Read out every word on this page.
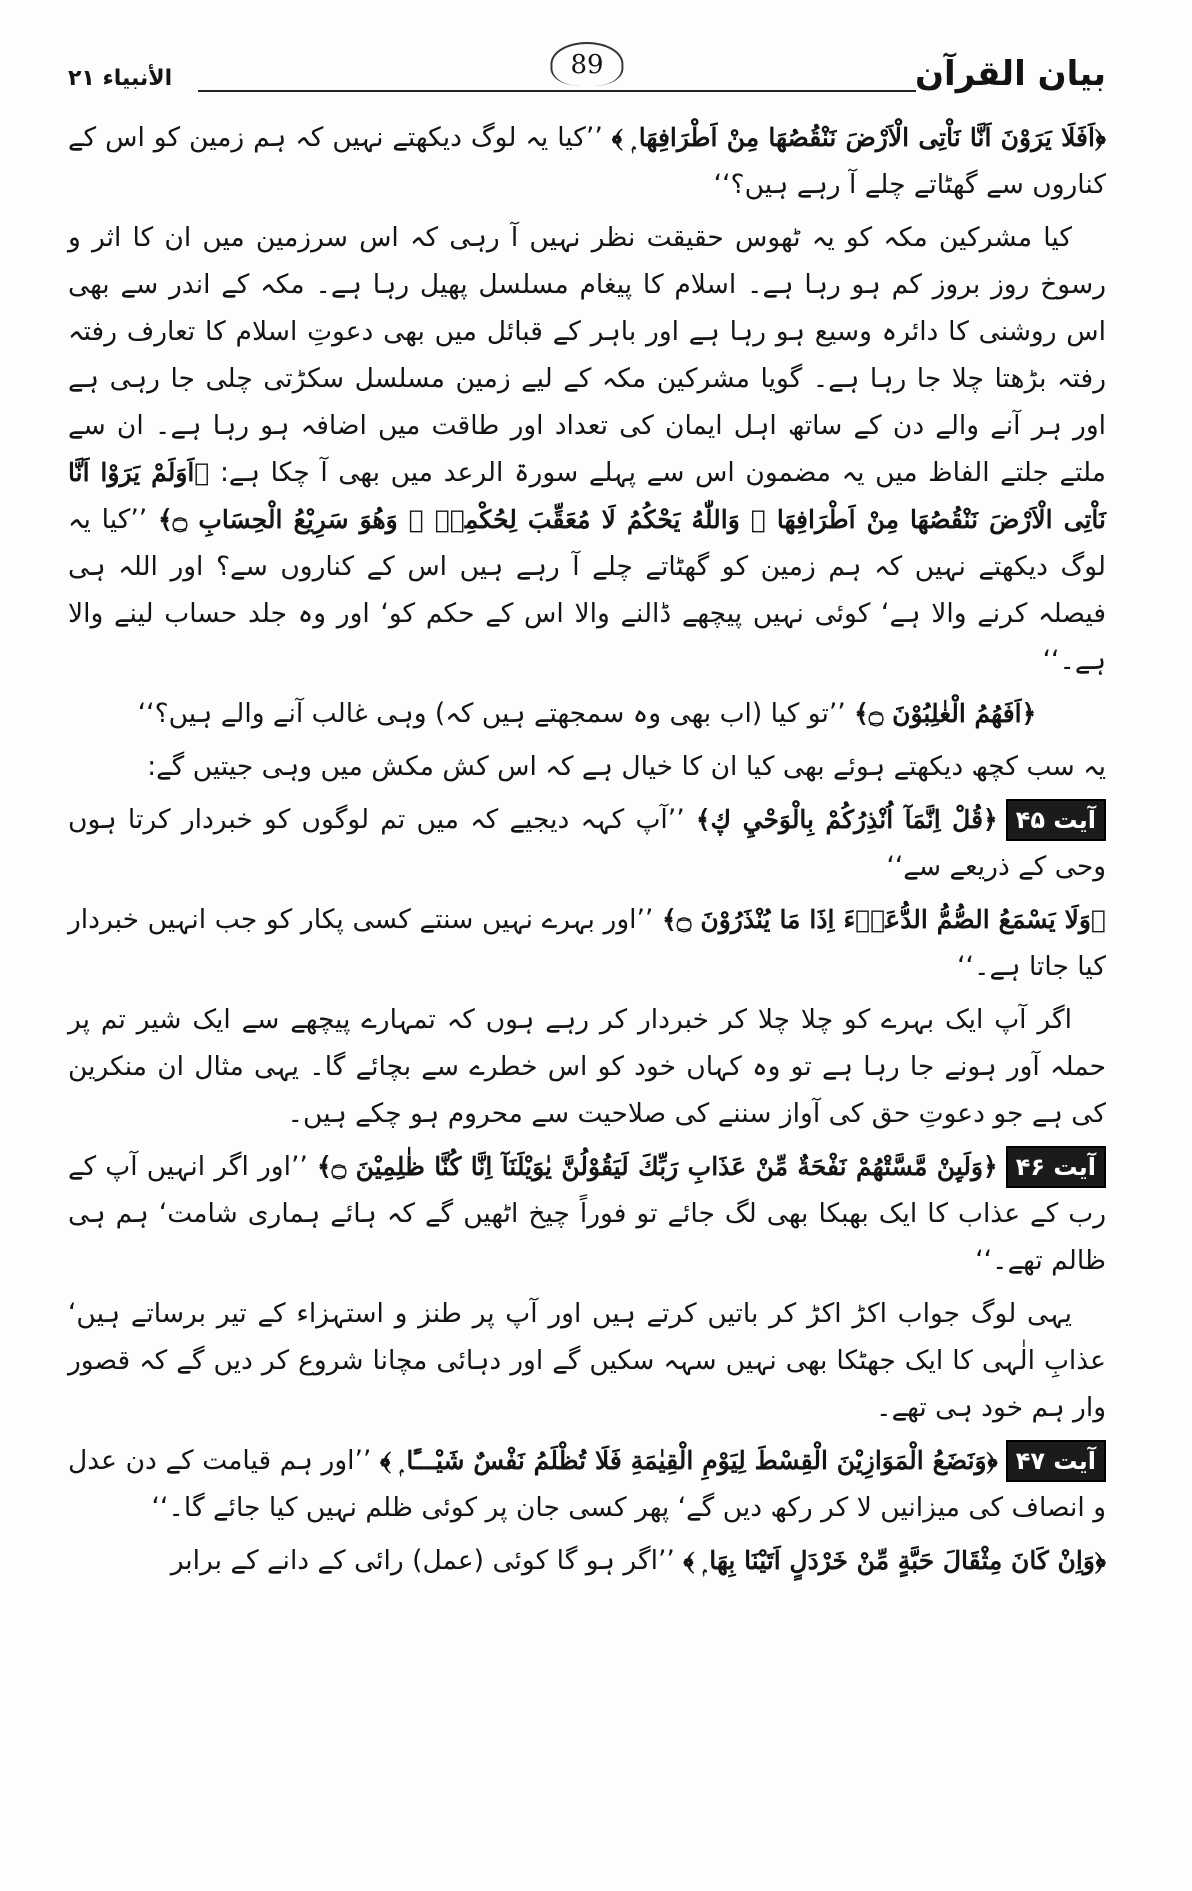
بیان القرآن
89
الأنبياء ٢١

﴿اَفَلَا يَرَوْنَ اَنَّا نَاْتِى الْاَرْضَ نَنْقُصُهَا مِنْ اَطْرَافِهَا ۭ ﴾ ’’کیا یہ لوگ دیکھتے نہیں کہ ہم زمین کو اس کے کناروں سے گھٹاتے چلے آ رہے ہیں؟‘‘

کیا مشرکین مکہ کو یہ ٹھوس حقیقت نظر نہیں آ رہی کہ اس سرزمین میں ان کا اثر و رسوخ روز بروز کم ہو رہا ہے۔ اسلام کا پیغام مسلسل پھیل رہا ہے۔ مکہ کے اندر سے بھی اس روشنی کا دائرہ وسیع ہو رہا ہے اور باہر کے قبائل میں بھی دعوتِ اسلام کا تعارف رفتہ رفتہ بڑھتا چلا جا رہا ہے۔ گویا مشرکین مکہ کے لیے زمین مسلسل سکڑتی چلی جا رہی ہے اور ہر آنے والے دن کے ساتھ اہل ایمان کی تعداد اور طاقت میں اضافہ ہو رہا ہے۔ ان سے ملتے جلتے الفاظ میں یہ مضمون اس سے پہلے سورۃ الرعد میں بھی آ چکا ہے: ﴿اَوَلَمْ يَرَوْا اَنَّا نَاْتِى الْاَرْضَ نَنْقُصُهَا مِنْ اَطْرَافِهَا ۭ وَاللّٰهُ يَحْكُمُ لَا مُعَقِّبَ لِحُكْمِهٖ ۭ وَهُوَ سَرِيْعُ الْحِسَابِ ۝﴾ ’’کیا یہ لوگ دیکھتے نہیں کہ ہم زمین کو گھٹاتے چلے آ رہے ہیں اس کے کناروں سے؟ اور اللہ ہی فیصلہ کرنے والا ہے‘ کوئی نہیں پیچھے ڈالنے والا اس کے حکم کو‘ اور وہ جلد حساب لینے والا ہے۔‘‘

﴿اَفَهُمُ الْغٰلِبُوْنَ ۝﴾ ’’تو کیا (اب بھی وہ سمجھتے ہیں کہ) وہی غالب آنے والے ہیں؟‘‘

یہ سب کچھ دیکھتے ہوئے بھی کیا ان کا خیال ہے کہ اس کش مکش میں وہی جیتیں گے:

آیت ۴۵﴿قُلْ اِنَّمَآ اُنْذِرُكُمْ بِالْوَحْيِ ڮ﴾ ’’آپ کہہ دیجیے کہ میں تم لوگوں کو خبردار کرتا ہوں وحی کے ذریعے سے‘‘

﴿وَلَا يَسْمَعُ الصُّمُّ الدُّعَاۗءَ اِذَا مَا يُنْذَرُوْنَ ۝﴾ ’’اور بہرے نہیں سنتے کسی پکار کو جب انہیں خبردار کیا جاتا ہے۔‘‘

اگر آپ ایک بہرے کو چلا چلا کر خبردار کر رہے ہوں کہ تمہارے پیچھے سے ایک شیر تم پر حملہ آور ہونے جا رہا ہے تو وہ کہاں خود کو اس خطرے سے بچائے گا۔ یہی مثال ان منکرین کی ہے جو دعوتِ حق کی آواز سننے کی صلاحیت سے محروم ہو چکے ہیں۔

آیت ۴۶﴿وَلَىِٕنْ مَّسَّتْهُمْ نَفْحَةٌ مِّنْ عَذَابِ رَبِّكَ لَيَقُوْلُنَّ يٰوَيْلَنَآ اِنَّا كُنَّا ظٰلِمِيْنَ ۝﴾ ’’اور اگر انہیں آپ کے رب کے عذاب کا ایک بھبکا بھی لگ جائے تو فوراً چیخ اٹھیں گے کہ ہائے ہماری شامت‘ ہم ہی ظالم تھے۔‘‘

یہی لوگ جواب اکڑ اکڑ کر باتیں کرتے ہیں اور آپ پر طنز و استہزاء کے تیر برساتے ہیں‘ عذابِ الٰہی کا ایک جھٹکا بھی نہیں سہہ سکیں گے اور دہائی مچانا شروع کر دیں گے کہ قصور وار ہم خود ہی تھے۔

آیت ۴۷﴿وَنَضَعُ الْمَوَازِيْنَ الْقِسْطَ لِيَوْمِ الْقِيٰمَةِ فَلَا تُظْلَمُ نَفْسٌ شَيْـــًٔا ۭ ﴾ ’’اور ہم قیامت کے دن عدل و انصاف کی میزانیں لا کر رکھ دیں گے‘ پھر کسی جان پر کوئی ظلم نہیں کیا جائے گا۔‘‘

﴿وَاِنْ كَانَ مِثْقَالَ حَبَّةٍ مِّنْ خَرْدَلٍ اَتَيْنَا بِهَا ۭ ﴾ ’’اگر ہو گا کوئی (عمل) رائی کے دانے کے برابر
